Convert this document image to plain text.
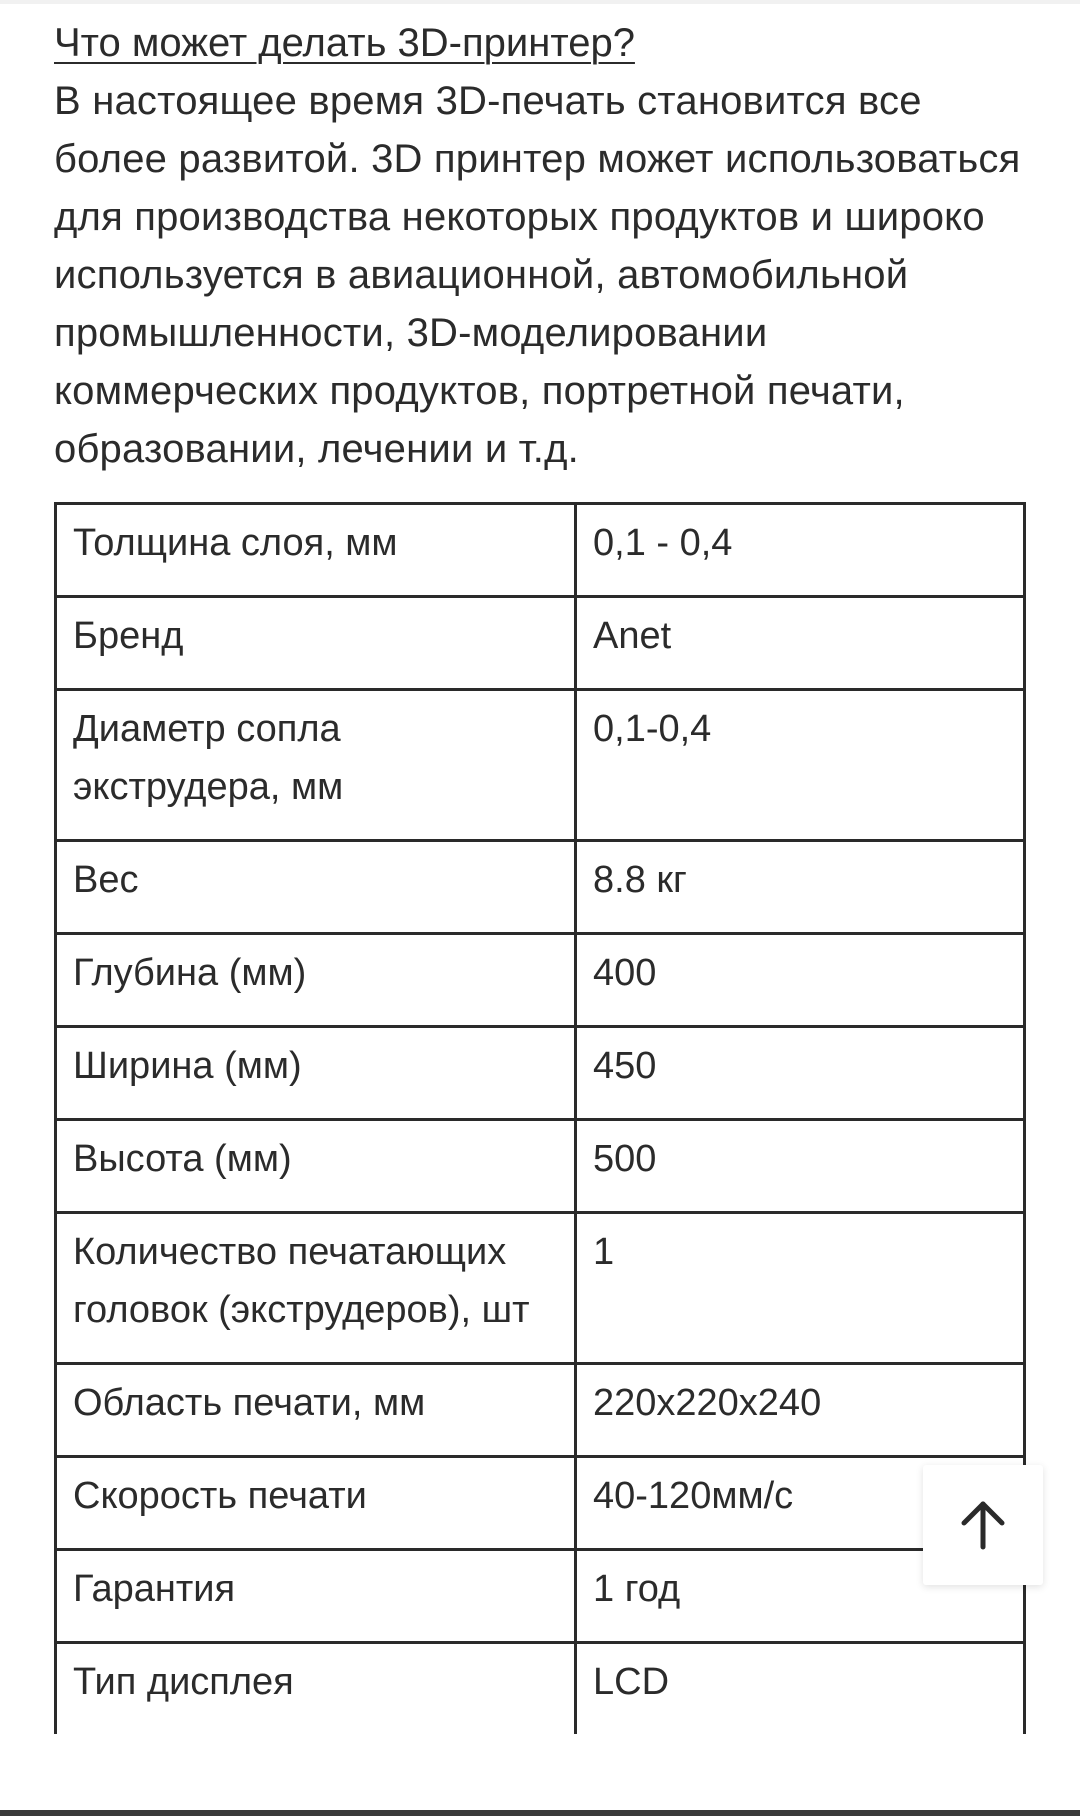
Что может делать 3D-принтер?

В настоящее время 3D-печать становится все более развитой. 3D принтер может использоваться для производства некоторых продуктов и широко используется в авиационной, автомобильной промышленности, 3D-моделировании коммерческих продуктов, портретной печати, образовании, лечении и т.д.

Толщина слоя, мм	0,1 - 0,4
Бренд	Anet
Диаметр сопла экструдера, мм	0,1-0,4
Вес	8.8 кг
Глубина (мм)	400
Ширина (мм)	450
Высота (мм)	500
Количество печатающих головок (экструдеров), шт	1
Область печати, мм	220x220x240
Скорость печати	40-120мм/с
Гарантия	1 год
Тип дисплея	LCD
